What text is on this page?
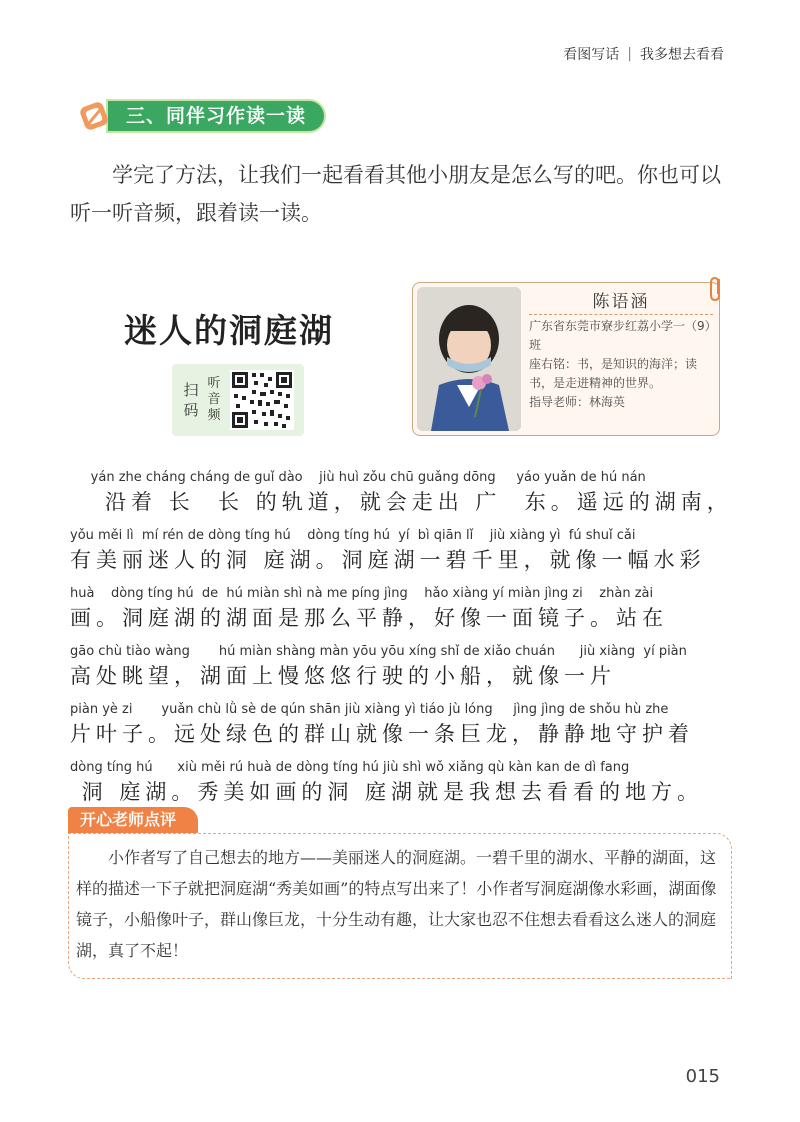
看图写话 | 我多想去看看
三、同伴习作读一读
学完了方法，让我们一起看看其他小朋友是怎么写的吧。你也可以听一听音频，跟着读一读。
迷人的洞庭湖
扫
码
听
音
频
陈语涵
广东省东莞市寮步红荔小学一（9）班
座右铭：书，是知识的海洋；读书，是走进精神的世界。
指导老师：林海英
yán zhe cháng cháng de guǐ dào    jiù huì zǒu chū guǎng dōng     yáo yuǎn de hú nán
沿着 长  长 的轨道，就会走出 广  东。遥远的湖南，
yǒu měi lì  mí rén de dòng tíng hú    dòng tíng hú  yí  bì qiān lǐ    jiù xiàng yì  fú shuǐ cǎi
有美丽迷人的洞 庭湖。洞庭湖一碧千里，就像一幅水彩
huà    dòng tíng hú  de  hú miàn shì nà me píng jìng    hǎo xiàng yí miàn jìng zi    zhàn zài
画。洞庭湖的湖面是那么平静，好像一面镜子。站在
gāo chù tiào wàng       hú miàn shàng màn yōu yōu xíng shǐ de xiǎo chuán      jiù xiàng  yí piàn
高处眺望，湖面上慢悠悠行驶的小船，就像一片
piàn yè zi       yuǎn chù lǜ sè de qún shān jiù xiàng yì tiáo jù lóng     jìng jìng de shǒu hù zhe
片叶子。远处绿色的群山就像一条巨龙，静静地守护着
dòng tíng hú      xiù měi rú huà de dòng tíng hú jiù shì wǒ xiǎng qù kàn kan de dì fang
洞 庭湖。秀美如画的洞 庭湖就是我想去看看的地方。
开心老师点评
小作者写了自己想去的地方——美丽迷人的洞庭湖。一碧千里的湖水、平静的湖面，这样的描述一下子就把洞庭湖“秀美如画”的特点写出来了！小作者写洞庭湖像水彩画，湖面像镜子，小船像叶子，群山像巨龙，十分生动有趣，让大家也忍不住想去看看这么迷人的洞庭湖，真了不起！
015
